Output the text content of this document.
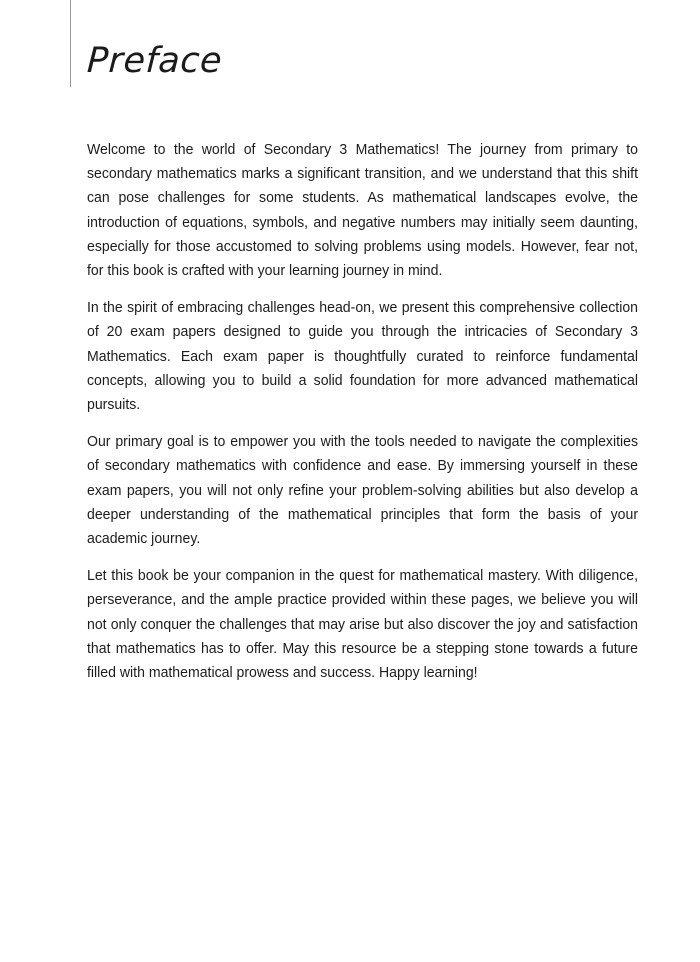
Preface

Welcome to the world of Secondary 3 Mathematics! The journey from primary to secondary mathematics marks a significant transition, and we understand that this shift can pose challenges for some students. As mathematical landscapes evolve, the introduction of equations, symbols, and negative numbers may initially seem daunting, especially for those accustomed to solving problems using models. However, fear not, for this book is crafted with your learning journey in mind.

In the spirit of embracing challenges head-on, we present this comprehensive collection of 20 exam papers designed to guide you through the intricacies of Secondary 3 Mathematics. Each exam paper is thoughtfully curated to reinforce fundamental concepts, allowing you to build a solid foundation for more advanced mathematical pursuits.

Our primary goal is to empower you with the tools needed to navigate the complexities of secondary mathematics with confidence and ease. By immersing yourself in these exam papers, you will not only refine your problem-solving abilities but also develop a deeper understanding of the mathematical principles that form the basis of your academic journey.

Let this book be your companion in the quest for mathematical mastery. With diligence, perseverance, and the ample practice provided within these pages, we believe you will not only conquer the challenges that may arise but also discover the joy and satisfaction that mathematics has to offer. May this resource be a stepping stone towards a future filled with mathematical prowess and success. Happy learning!
